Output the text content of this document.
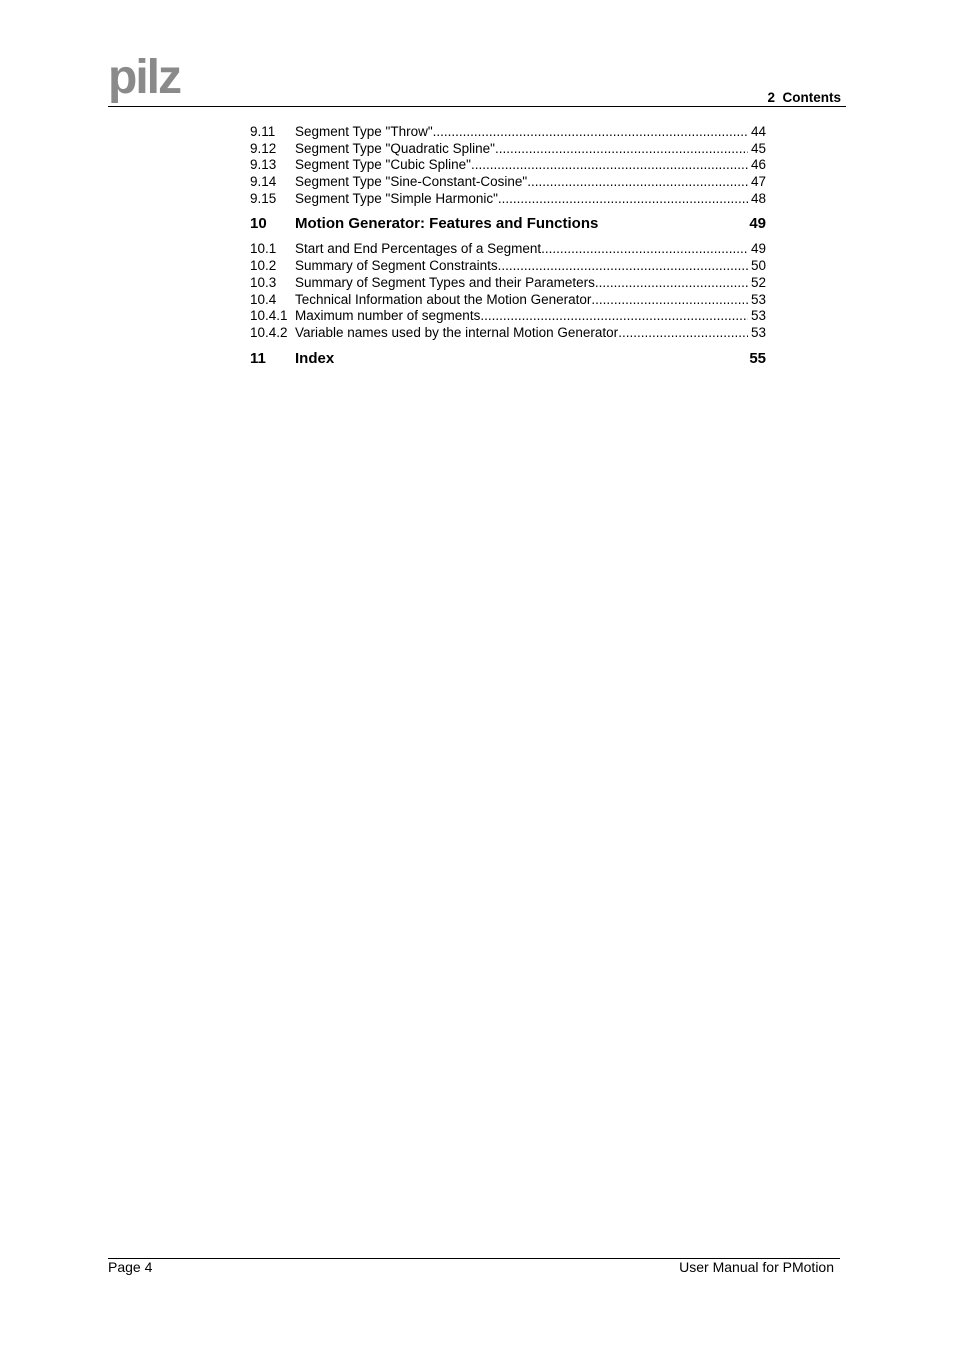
pilz	2  Contents
9.11 Segment Type "Throw" .....	44
9.12 Segment Type "Quadratic Spline" .....	45
9.13 Segment Type "Cubic Spline" .....	46
9.14 Segment Type "Sine-Constant-Cosine" .....	47
9.15 Segment Type "Simple Harmonic" .....	48
10 Motion Generator: Features and Functions	49
10.1 Start and End Percentages of a Segment .....	49
10.2 Summary of Segment Constraints .....	50
10.3 Summary of Segment Types and their Parameters .....	52
10.4 Technical Information about the Motion Generator .....	53
10.4.1 Maximum number of segments .....	53
10.4.2 Variable names used by the internal Motion Generator .....	53
11 Index	55
Page 4	User Manual for PMotion
